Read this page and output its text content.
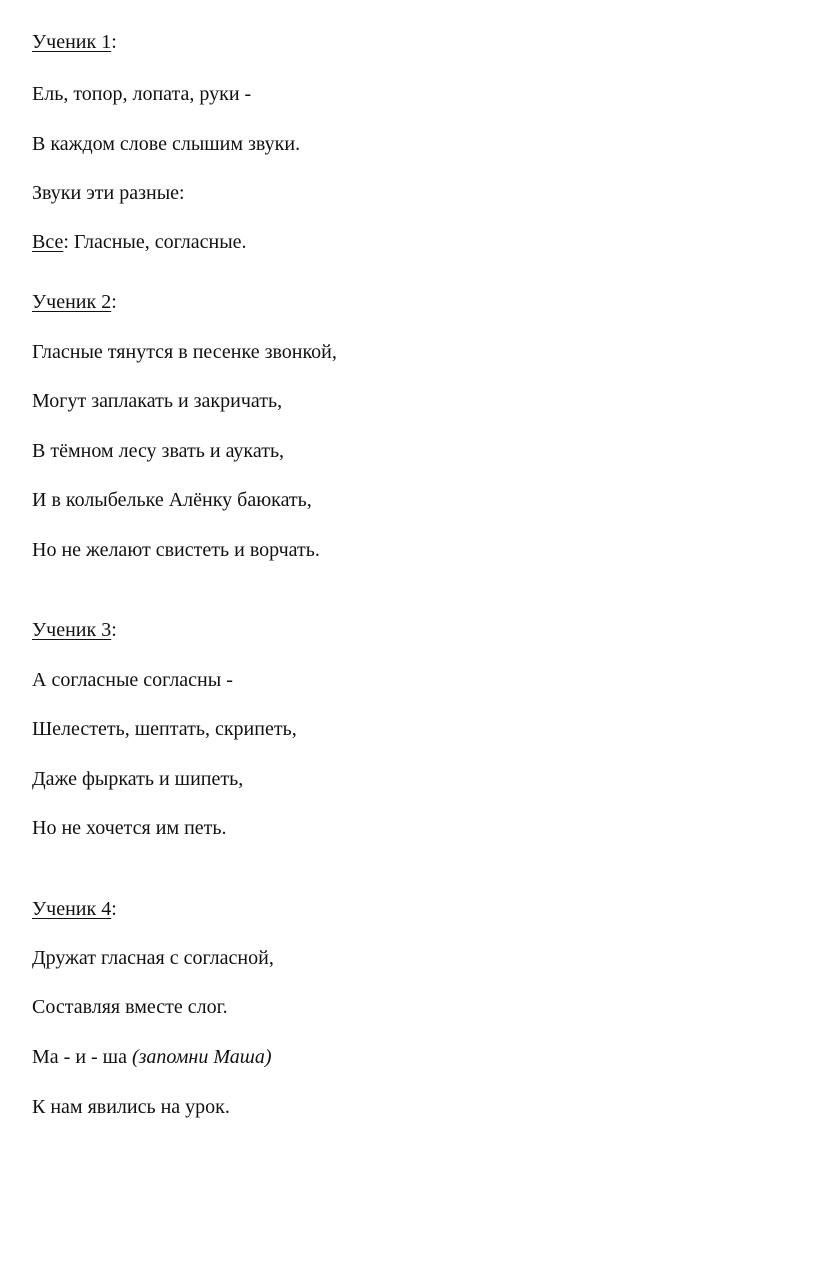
Ученик 1:
Ель, топор, лопата, руки -
В каждом слове слышим звуки.
Звуки эти разные:
Все: Гласные, согласные.
Ученик 2:
Гласные тянутся в песенке звонкой,
Могут заплакать и закричать,
В тёмном лесу звать и аукать,
И в колыбельке Алёнку баюкать,
Но не желают свистеть и ворчать.
Ученик 3:
А согласные согласны -
Шелестеть, шептать, скрипеть,
Даже фыркать и шипеть,
Но не хочется им петь.
Ученик 4:
Дружат гласная с согласной,
Составляя вместе слог.
Ма - и - ша (запомни Маша)
К нам явились на урок.
